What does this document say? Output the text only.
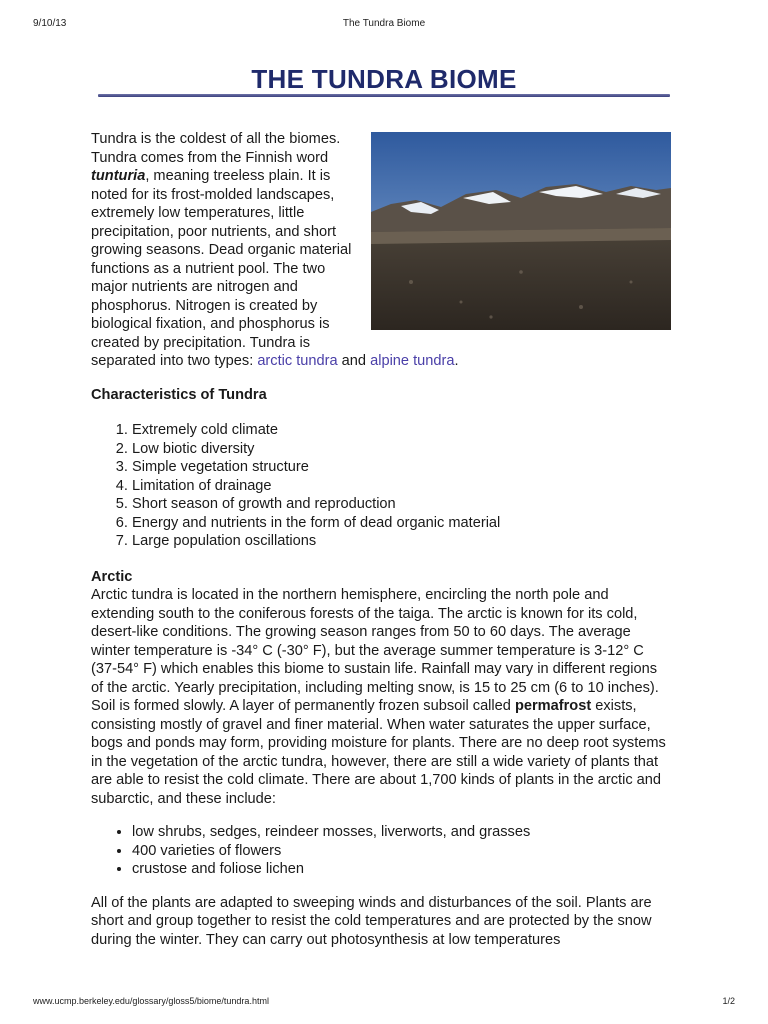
9/10/13	The Tundra Biome
THE TUNDRA BIOME

Tundra is the coldest of all the biomes. Tundra comes from the Finnish word tunturia, meaning treeless plain. It is noted for its frost-molded landscapes, extremely low temperatures, little precipitation, poor nutrients, and short growing seasons. Dead organic material functions as a nutrient pool. The two major nutrients are nitrogen and phosphorus. Nitrogen is created by biological fixation, and phosphorus is created by precipitation. Tundra is separated into two types: arctic tundra and alpine tundra.

Characteristics of Tundra
1. Extremely cold climate
2. Low biotic diversity
3. Simple vegetation structure
4. Limitation of drainage
5. Short season of growth and reproduction
6. Energy and nutrients in the form of dead organic material
7. Large population oscillations
Arctic

Arctic tundra is located in the northern hemisphere, encircling the north pole and extending south to the coniferous forests of the taiga. The arctic is known for its cold, desert-like conditions. The growing season ranges from 50 to 60 days. The average winter temperature is -34° C (-30° F), but the average summer temperature is 3-12° C (37-54° F) which enables this biome to sustain life. Rainfall may vary in different regions of the arctic. Yearly precipitation, including melting snow, is 15 to 25 cm (6 to 10 inches). Soil is formed slowly. A layer of permanently frozen subsoil called permafrost exists, consisting mostly of gravel and finer material. When water saturates the upper surface, bogs and ponds may form, providing moisture for plants. There are no deep root systems in the vegetation of the arctic tundra, however, there are still a wide variety of plants that are able to resist the cold climate. There are about 1,700 kinds of plants in the arctic and subarctic, and these include:

• low shrubs, sedges, reindeer mosses, liverworts, and grasses
• 400 varieties of flowers
• crustose and foliose lichen

All of the plants are adapted to sweeping winds and disturbances of the soil. Plants are short and group together to resist the cold temperatures and are protected by the snow during the winter. They can carry out photosynthesis at low temperatures

www.ucmp.berkeley.edu/glossary/gloss5/biome/tundra.html	1/2
